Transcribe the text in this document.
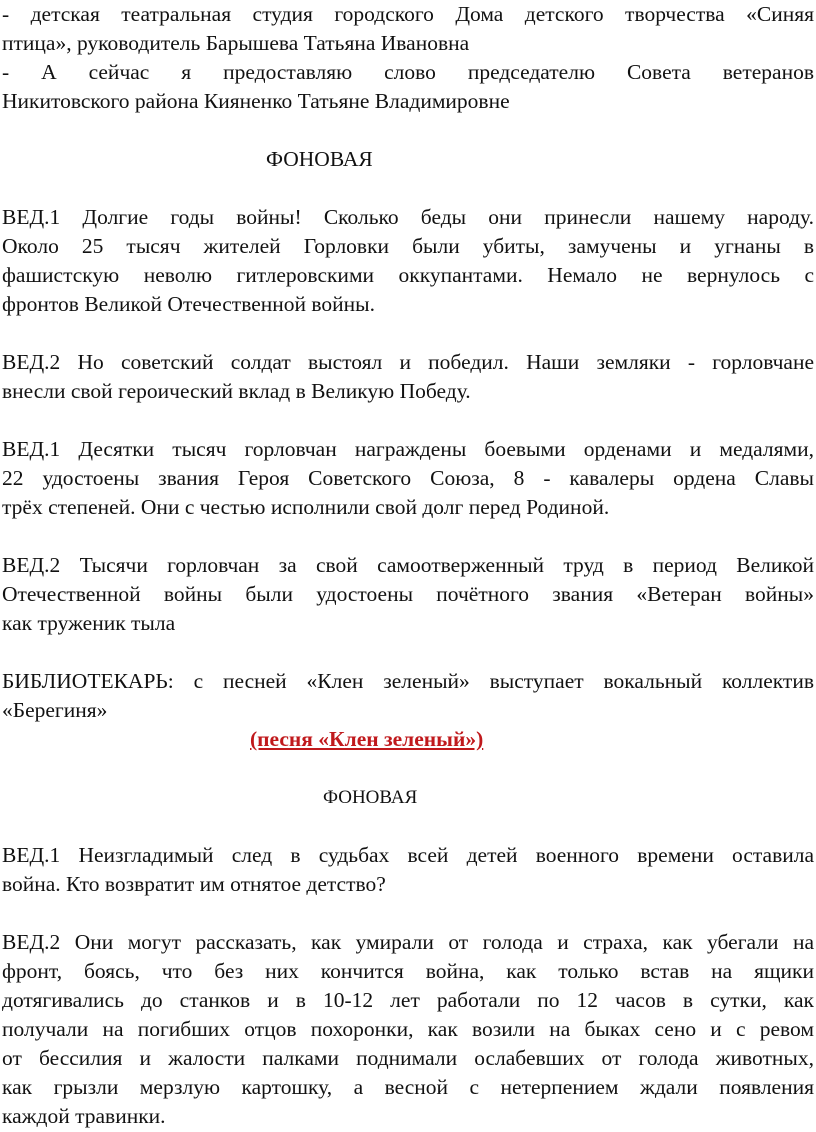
- детская театральная студия городского Дома детского творчества «Синяя
птица», руководитель Барышева Татьяна Ивановна

- А сейчас я предоставляю слово председателю Совета ветеранов
Никитовского района Кияненко Татьяне Владимировне

ФОНОВАЯ

ВЕД.1 Долгие годы войны! Сколько беды они принесли нашему народу.
Около 25 тысяч жителей Горловки были убиты, замучены и угнаны в
фашистскую неволю гитлеровскими оккупантами. Немало не вернулось с
фронтов Великой Отечественной войны.

ВЕД.2 Но советский солдат выстоял и победил. Наши земляки - горловчане
внесли свой героический вклад в Великую Победу.

ВЕД.1 Десятки тысяч горловчан награждены боевыми орденами и медалями,
22 удостоены звания Героя Советского Союза, 8 - кавалеры ордена Славы
трёх степеней. Они с честью исполнили свой долг перед Родиной.

ВЕД.2 Тысячи горловчан за свой самоотверженный труд в период Великой
Отечественной войны были удостоены почётного звания «Ветеран войны»
как труженик тыла

БИБЛИОТЕКАРЬ: с песней «Клен зеленый» выступает вокальный коллектив
«Берегиня»

(песня «Клен зеленый»)

ФОНОВАЯ

ВЕД.1 Неизгладимый след в судьбах всей детей военного времени оставила
война. Кто возвратит им отнятое детство?

ВЕД.2 Они могут рассказать, как умирали от голода и страха, как убегали на
фронт, боясь, что без них кончится война, как только встав на ящики
дотягивались до станков и в 10-12 лет работали по 12 часов в сутки, как
получали на погибших отцов похоронки, как возили на быках сено и с ревом
от бессилия и жалости палками поднимали ослабевших от голода животных,
как грызли мерзлую картошку, а весной с нетерпением ждали появления
каждой травинки.
